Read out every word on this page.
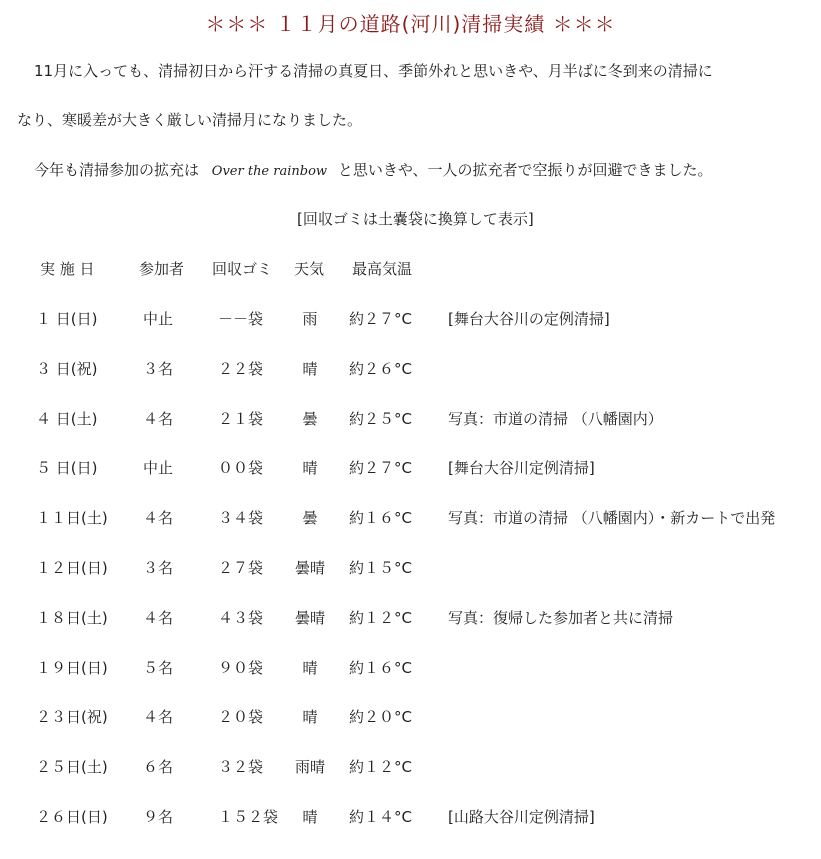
＊＊＊ １１月の道路(河川)清掃実績 ＊＊＊
11月に入っても、清掃初日から汗する清掃の真夏日、季節外れと思いきや、月半ばに冬到来の清掃に
なり、寒暖差が大きく厳しい清掃月になりました。
今年も清掃参加の拡充は Over the rainbow と思いきや、一人の拡充者で空振りが回避できました。
[回収ゴミは土嚢袋に換算して表示]
実 施 日	参加者 回収ゴミ 天気 最高気温
１ 日(日)	中止	－－袋	雨	約２７°C [舞台大谷川の定例清掃]
３ 日(祝)	３名	２２袋	晴	約２６°C
４ 日(土)	４名	２１袋	曇	約２５°C 写真：市道の清掃 （八幡園内）
５ 日(日)	中止	００袋	晴	約２７°C [舞台大谷川定例清掃]
１１日(土) ４名	３４袋	曇	約１６°C 写真：市道の清掃 （八幡園内）・新カートで出発
１２日(日) ３名	２７袋	曇晴	約１５°C
１８日(土) ４名	４３袋	曇晴	約１２°C 写真：復帰した参加者と共に清掃
１９日(日) ５名	９０袋	晴	約１６°C
２３日(祝) ４名	２０袋	晴	約２０°C
２５日(土) ６名	３２袋	雨晴	約１２°C
２６日(日) ９名	１５２袋	晴	約１４°C [山路大谷川定例清掃]
